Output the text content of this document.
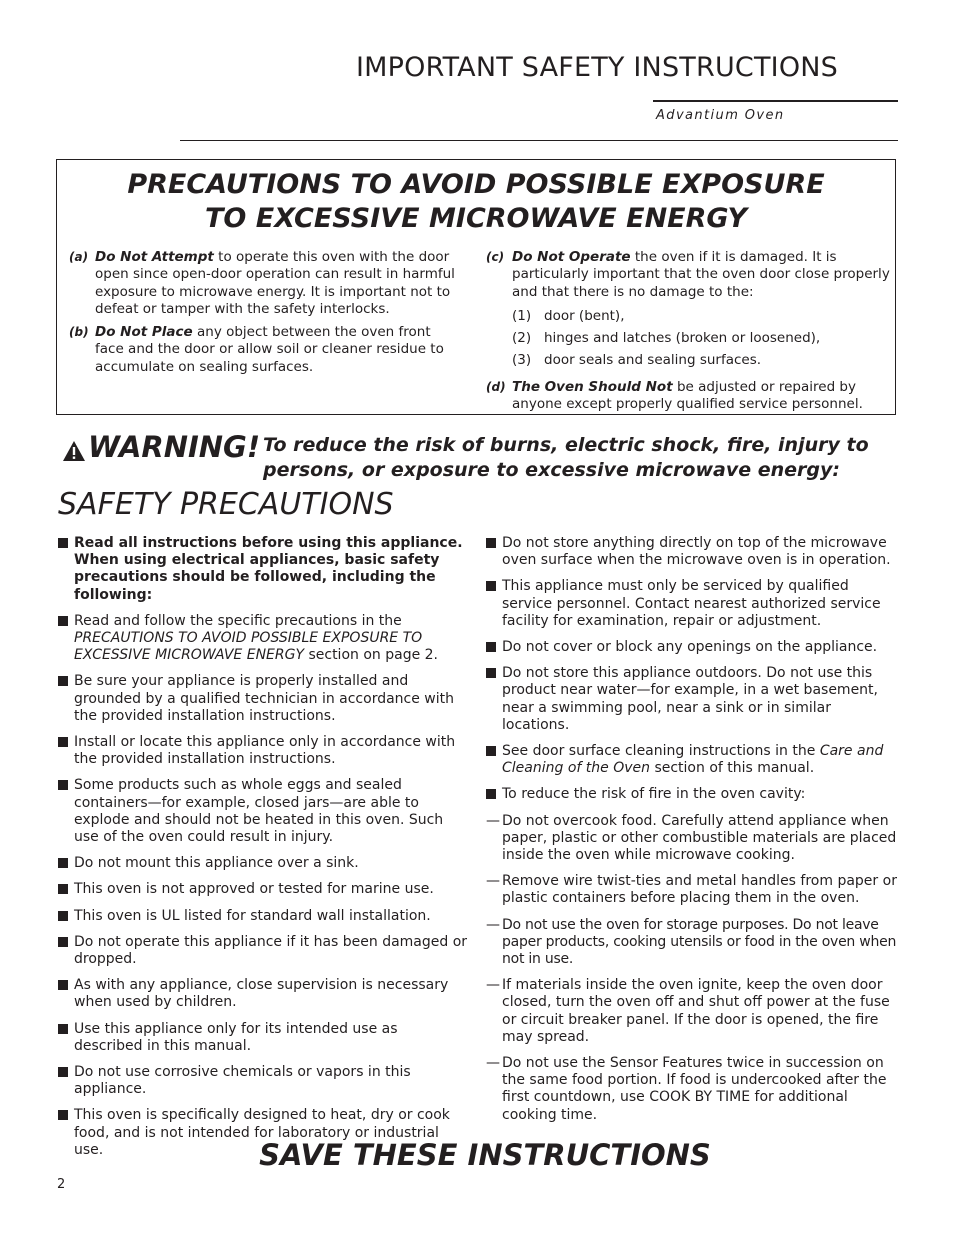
IMPORTANT SAFETY INSTRUCTIONS
Advantium Oven
PRECAUTIONS TO AVOID POSSIBLE EXPOSURE
TO EXCESSIVE MICROWAVE ENERGY
(a) Do Not Attempt to operate this oven with the door open since open-door operation can result in harmful exposure to microwave energy. It is important not to defeat or tamper with the safety interlocks.
(b) Do Not Place any object between the oven front face and the door or allow soil or cleaner residue to accumulate on sealing surfaces.
(c) Do Not Operate the oven if it is damaged. It is particularly important that the oven door close properly and that there is no damage to the:
(1) door (bent),
(2) hinges and latches (broken or loosened),
(3) door seals and sealing surfaces.
(d) The Oven Should Not be adjusted or repaired by anyone except properly qualified service personnel.
WARNING! To reduce the risk of burns, electric shock, fire, injury to persons, or exposure to excessive microwave energy:
SAFETY PRECAUTIONS
Read all instructions before using this appliance. When using electrical appliances, basic safety precautions should be followed, including the following:
Read and follow the specific precautions in the PRECAUTIONS TO AVOID POSSIBLE EXPOSURE TO EXCESSIVE MICROWAVE ENERGY section on page 2.
Be sure your appliance is properly installed and grounded by a qualified technician in accordance with the provided installation instructions.
Install or locate this appliance only in accordance with the provided installation instructions.
Some products such as whole eggs and sealed containers—for example, closed jars—are able to explode and should not be heated in this oven. Such use of the oven could result in injury.
Do not mount this appliance over a sink.
This oven is not approved or tested for marine use.
This oven is UL listed for standard wall installation.
Do not operate this appliance if it has been damaged or dropped.
As with any appliance, close supervision is necessary when used by children.
Use this appliance only for its intended use as described in this manual.
Do not use corrosive chemicals or vapors in this appliance.
This oven is specifically designed to heat, dry or cook food, and is not intended for laboratory or industrial use.
Do not store anything directly on top of the microwave oven surface when the microwave oven is in operation.
This appliance must only be serviced by qualified service personnel. Contact nearest authorized service facility for examination, repair or adjustment.
Do not cover or block any openings on the appliance.
Do not store this appliance outdoors. Do not use this product near water—for example, in a wet basement, near a swimming pool, near a sink or in similar locations.
See door surface cleaning instructions in the Care and Cleaning of the Oven section of this manual.
To reduce the risk of fire in the oven cavity:
— Do not overcook food. Carefully attend appliance when paper, plastic or other combustible materials are placed inside the oven while microwave cooking.
— Remove wire twist-ties and metal handles from paper or plastic containers before placing them in the oven.
— Do not use the oven for storage purposes. Do not leave paper products, cooking utensils or food in the oven when not in use.
— If materials inside the oven ignite, keep the oven door closed, turn the oven off and shut off power at the fuse or circuit breaker panel. If the door is opened, the fire may spread.
— Do not use the Sensor Features twice in succession on the same food portion. If food is undercooked after the first countdown, use COOK BY TIME for additional cooking time.
SAVE THESE INSTRUCTIONS
2
